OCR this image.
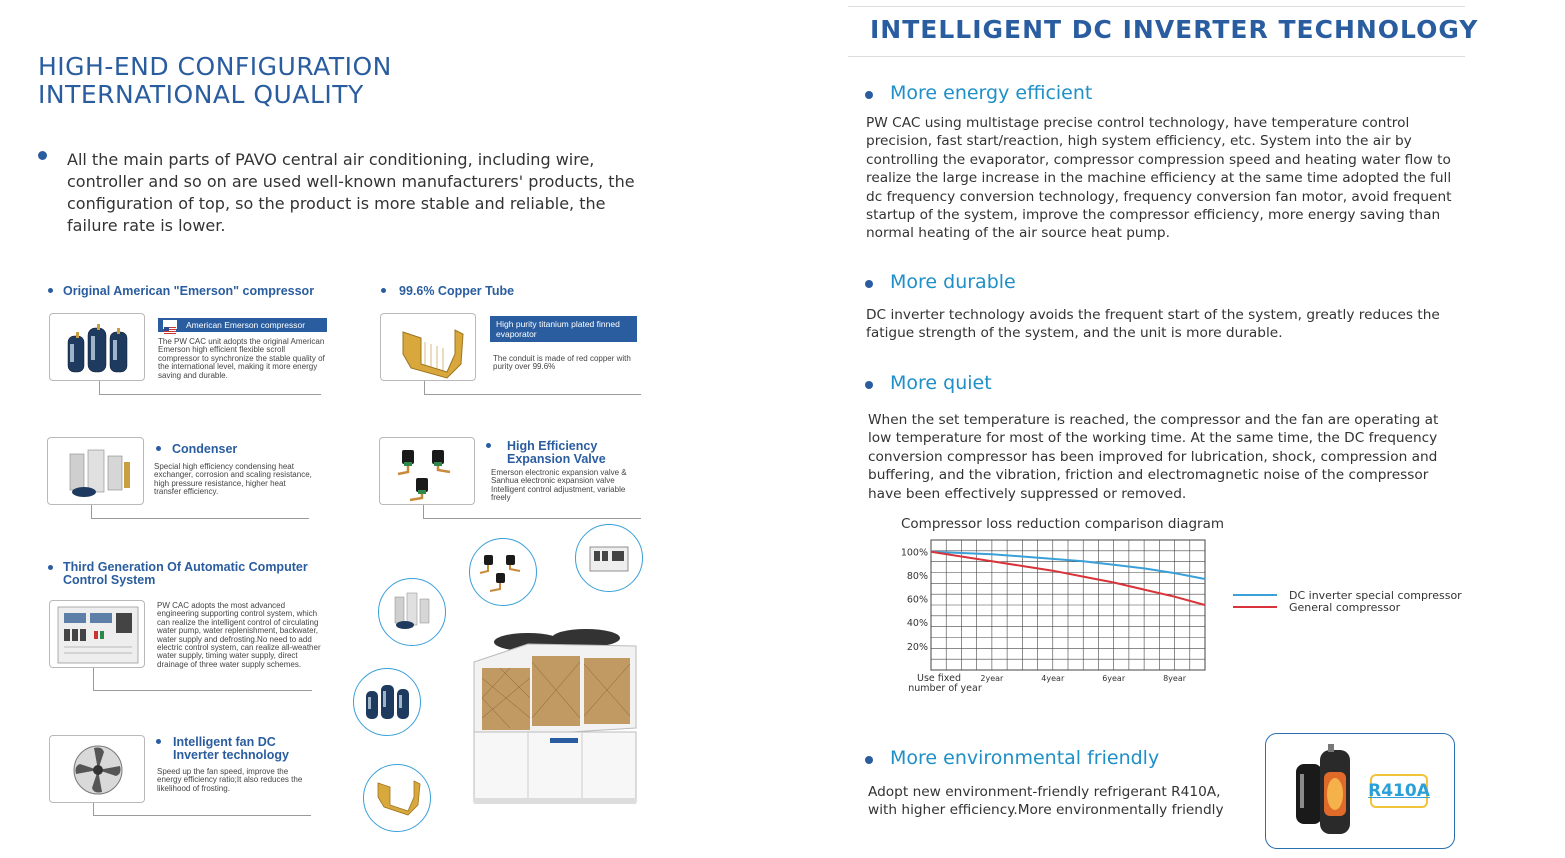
HIGH-END CONFIGURATION
INTERNATIONAL QUALITY
All the main parts of PAVO central air conditioning, including wire, controller and so on are used well-known manufacturers' products, the configuration of top, so the product is more stable and reliable, the failure rate is lower.
Original American "Emerson" compressor
American Emerson compressor
The PW CAC unit adopts the original American Emerson high efficient flexible scroll compressor to synchronize the stable quality of the international level, making it more energy saving and durable.
99.6% Copper Tube
High purity titanium plated finned evaporator
The conduit is made of red copper with purity over 99.6%
Condenser
Special high efficiency condensing heat exchanger, corrosion and scaling resistance, high pressure resistance, higher heat transfer efficiency.
High Efficiency
Expansion Valve
Emerson electronic expansion valve & Sanhua electronic expansion valve Intelligent control adjustment, variable freely
Third Generation Of Automatic Computer
Control System
PW CAC adopts the most advanced engineering supporting control system, which can realize the intelligent control of circulating water pump, water replenishment, backwater, water supply and defrosting.No need to add electric control system, can realize all-weather water supply, timing water supply, direct drainage of three water supply schemes.
Intelligent fan DC
Inverter technology
Speed up the fan speed, improve the energy efficiency ratio;It also reduces the likelihood of frosting.
INTELLIGENT DC INVERTER TECHNOLOGY
More energy efficient
PW CAC using multistage precise control technology, have temperature control precision, fast start/reaction, high system efficiency, etc. System into the air by controlling the evaporator, compressor compression speed and heating water flow to realize the large increase in the machine efficiency at the same time adopted the full dc frequency conversion technology, frequency conversion fan motor, avoid frequent startup of the system, improve the compressor efficiency, more energy saving than normal heating of the air source heat pump.
More durable
DC inverter technology avoids the frequent start of the system, greatly reduces the fatigue strength of the system, and the unit is more durable.
More quiet
When the set temperature is reached, the compressor and the fan are operating at low temperature for most of the working time. At the same time, the DC frequency conversion compressor has been improved for lubrication, shock, compression and buffering, and the vibration, friction and electromagnetic noise of the compressor have been effectively suppressed or removed.
Compressor loss reduction comparison diagram
100%
80%
60%
40%
20%
Use fixed 2year	4year	6year	8year
number of year
DC inverter special compressor
General compressor
More environmental friendly
Adopt new environment-friendly refrigerant R410A, with higher efficiency.More environmentally friendly
R410A
